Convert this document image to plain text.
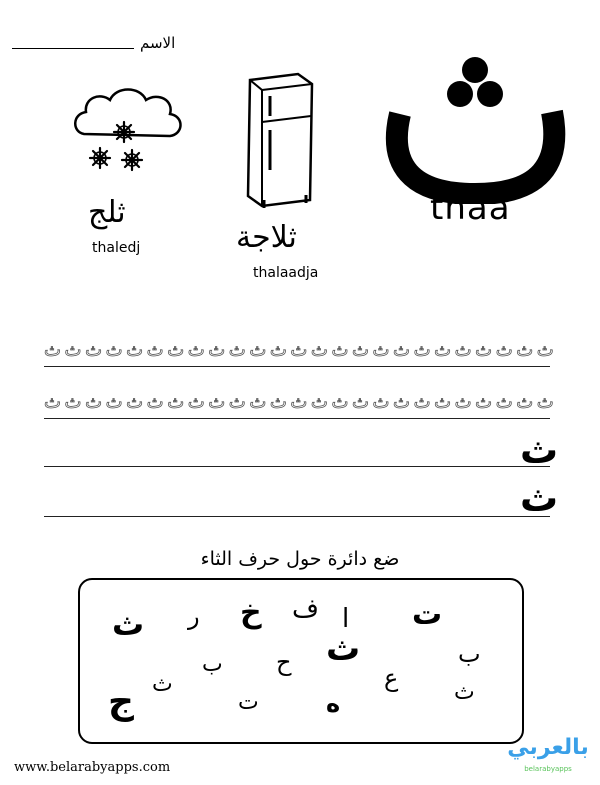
الاسم
thaa
ثلج
thaledj	ثلاجة
thalaadja
ث
ث
ث
ث
ث
ث
ث
ث
ث
ث
ث
ث
ث
ث
ث
ث
ث
ث
ث
ث
ث
ث
ث
ث
ث
ث
ث
ث
ث
ث
ث
ث
ث
ث
ث
ث
ث
ث
ث
ث
ث
ث
ث
ث
ث
ث
ث
ث
ث
ث
ث
ث
ضع دائرة حول حرف الثاء
ت
ا
ف
خ
ر
ث
ث	ب
ع
ح
ب
ث
ت	ه	ث
ج
www.belarabyapps.com
بالعربي
belarabyapps
